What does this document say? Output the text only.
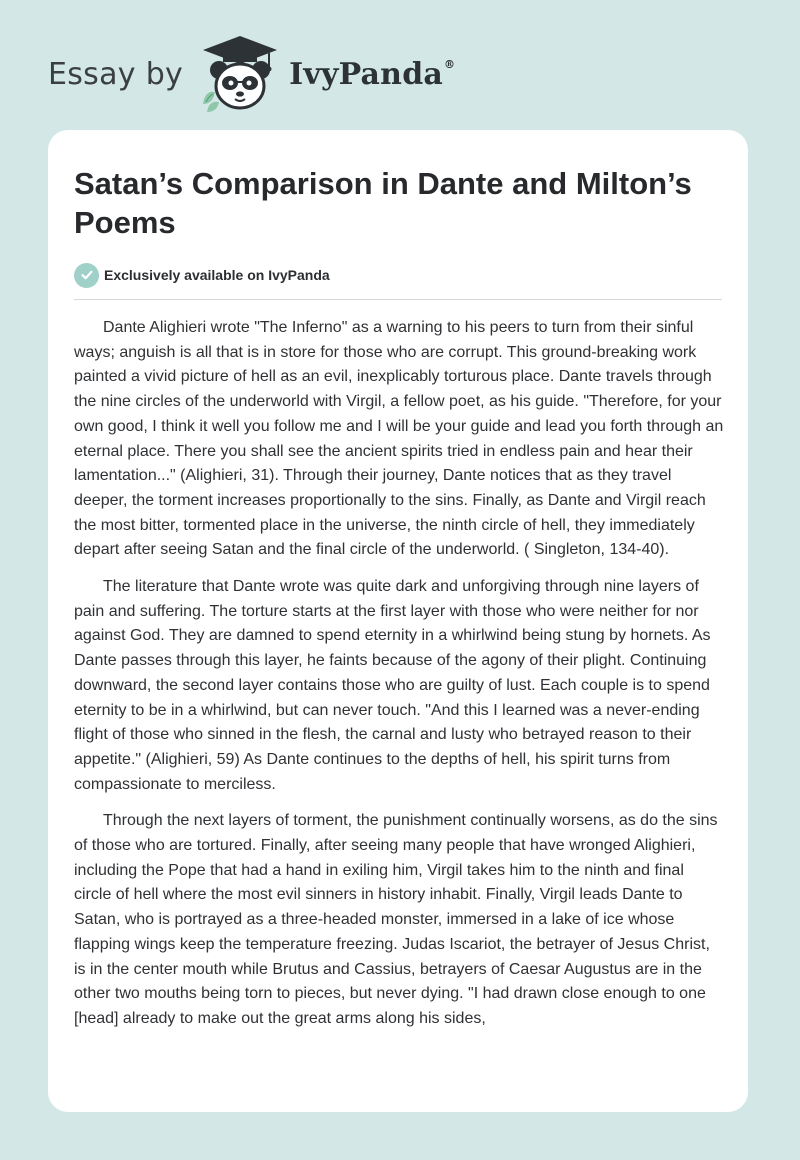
Essay by	IvyPanda®
Satan’s Comparison in Dante and Milton’s Poems
Exclusively available on IvyPanda

Dante Alighieri wrote "The Inferno" as a warning to his peers to turn from their sinful ways; anguish is all that is in store for those who are corrupt. This ground-breaking work painted a vivid picture of hell as an evil, inexplicably torturous place. Dante travels through the nine circles of the underworld with Virgil, a fellow poet, as his guide. "Therefore, for your own good, I think it well you follow me and I will be your guide and lead you forth through an eternal place. There you shall see the ancient spirits tried in endless pain and hear their lamentation..." (Alighieri, 31). Through their journey, Dante notices that as they travel deeper, the torment increases proportionally to the sins. Finally, as Dante and Virgil reach the most bitter, tormented place in the universe, the ninth circle of hell, they immediately depart after seeing Satan and the final circle of the underworld. ( Singleton, 134-40).

The literature that Dante wrote was quite dark and unforgiving through nine layers of pain and suffering. The torture starts at the first layer with those who were neither for nor against God. They are damned to spend eternity in a whirlwind being stung by hornets. As Dante passes through this layer, he faints because of the agony of their plight. Continuing downward, the second layer contains those who are guilty of lust. Each couple is to spend eternity to be in a whirlwind, but can never touch. "And this I learned was a never-ending flight of those who sinned in the flesh, the carnal and lusty who betrayed reason to their appetite." (Alighieri, 59) As Dante continues to the depths of hell, his spirit turns from compassionate to merciless.

Through the next layers of torment, the punishment continually worsens, as do the sins of those who are tortured. Finally, after seeing many people that have wronged Alighieri, including the Pope that had a hand in exiling him, Virgil takes him to the ninth and final circle of hell where the most evil sinners in history inhabit. Finally, Virgil leads Dante to Satan, who is portrayed as a three-headed monster, immersed in a lake of ice whose flapping wings keep the temperature freezing. Judas Iscariot, the betrayer of Jesus Christ, is in the center mouth while Brutus and Cassius, betrayers of Caesar Augustus are in the other two mouths being torn to pieces, but never dying. "I had drawn close enough to one [head] already to make out the great arms along his sides,
